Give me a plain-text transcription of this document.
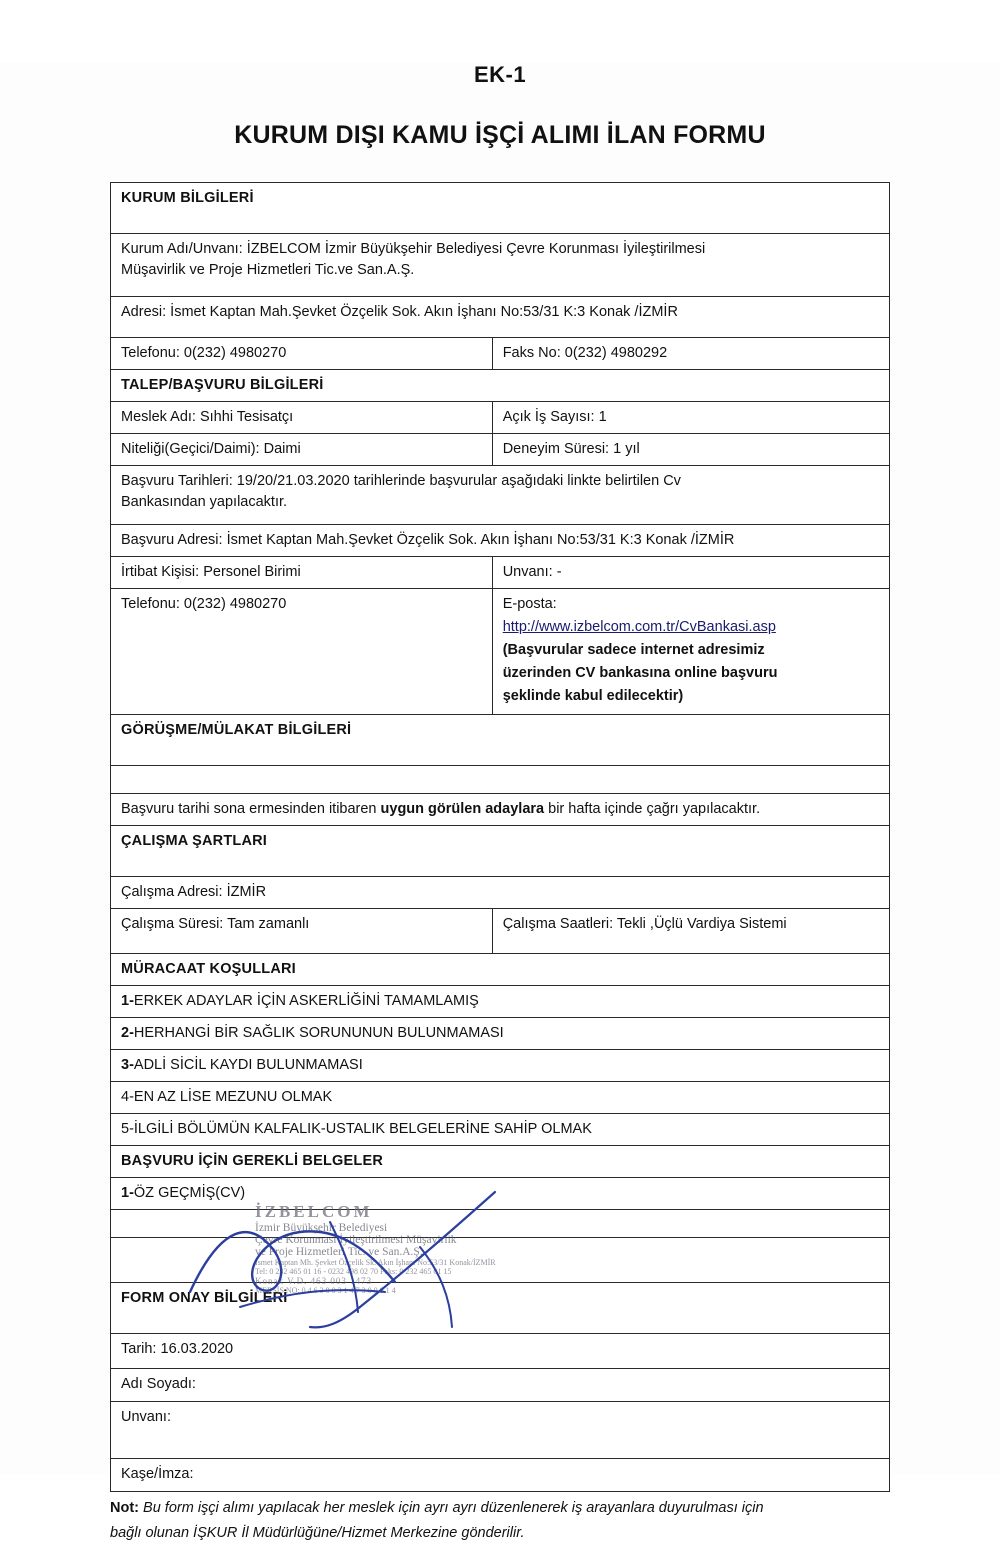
EK-1
KURUM DIŞI KAMU İŞÇİ ALIMI İLAN FORMU
KURUM BİLGİLERİ	
Kurum Adı/Unvanı: İZBELCOM İzmir Büyükşehir Belediyesi Çevre Korunması İyileştirilmesi
Müşavirlik ve Proje Hizmetleri Tic.ve San.A.Ş.	
Adresi: İsmet Kaptan Mah.Şevket Özçelik Sok. Akın İşhanı No:53/31 K:3 Konak /İZMİR	
Telefonu: 0(232) 4980270	Faks No: 0(232) 4980292
TALEP/BAŞVURU BİLGİLERİ	
Meslek Adı: Sıhhi Tesisatçı	Açık İş Sayısı: 1
Niteliği(Geçici/Daimi): Daimi	Deneyim Süresi: 1 yıl
Başvuru Tarihleri: 19/20/21.03.2020 tarihlerinde başvurular aşağıdaki linkte belirtilen Cv
Bankasından yapılacaktır.	
Başvuru Adresi: İsmet Kaptan Mah.Şevket Özçelik Sok. Akın İşhanı No:53/31 K:3 Konak /İZMİR	
İrtibat Kişisi: Personel Birimi	Unvanı: -
Telefonu: 0(232) 4980270	E-posta:
http://www.izbelcom.com.tr/CvBankasi.asp
(Başvurular sadece internet adresimiz
üzerinden CV bankasına online başvuru
şeklinde kabul edilecektir)

GÖRÜŞME/MÜLAKAT BİLGİLERİ	

Başvuru tarihi sona ermesinden itibaren uygun görülen adaylara bir hafta içinde çağrı yapılacaktır.	
ÇALIŞMA ŞARTLARI	
Çalışma Adresi: İZMİR	
Çalışma Süresi: Tam zamanlı	Çalışma Saatleri: Tekli ,Üçlü Vardiya Sistemi
MÜRACAAT KOŞULLARI	
1-ERKEK ADAYLAR İÇİN ASKERLİĞİNİ TAMAMLAMIŞ	
2-HERHANGİ BİR SAĞLIK SORUNUNUN BULUNMAMASI	
3-ADLİ SİCİL KAYDI BULUNMAMASI	
4-EN AZ LİSE MEZUNU OLMAK	
5-İLGİLİ BÖLÜMÜN KALFALIK-USTALIK BELGELERİNE SAHİP OLMAK	
BAŞVURU İÇİN GEREKLİ BELGELER	
1-ÖZ GEÇMİŞ(CV)	

FORM ONAY BİLGİLERİ	
Tarih: 16.03.2020	
Adı Soyadı:	
Unvanı:	
Kaşe/İmza:	
İZBELCOM
İzmir Büyükşehir Belediyesi
Çevre Korunması İyileştirilmesi Müşavirlik
ve Proje Hizmetleri Tic. ve San.A.Ş.
İsmet Kaptan Mh. Şevket Özçelik Sk. Akın İşhanı No:53/31 Konak/İZMİR
Tel: 0 232 465 01 16 - 0232 498 02 70 Faks: 0 232 465 01 15
Konak V.D. 463 003 1473
MERSİS NO: 0 4 6 3 0 0 3 1 4 7 3 0 0 0 1 4
Not: Bu form işçi alımı yapılacak her meslek için ayrı ayrı düzenlenerek iş arayanlara duyurulması için
bağlı olunan İŞKUR İl Müdürlüğüne/Hizmet Merkezine gönderilir.
